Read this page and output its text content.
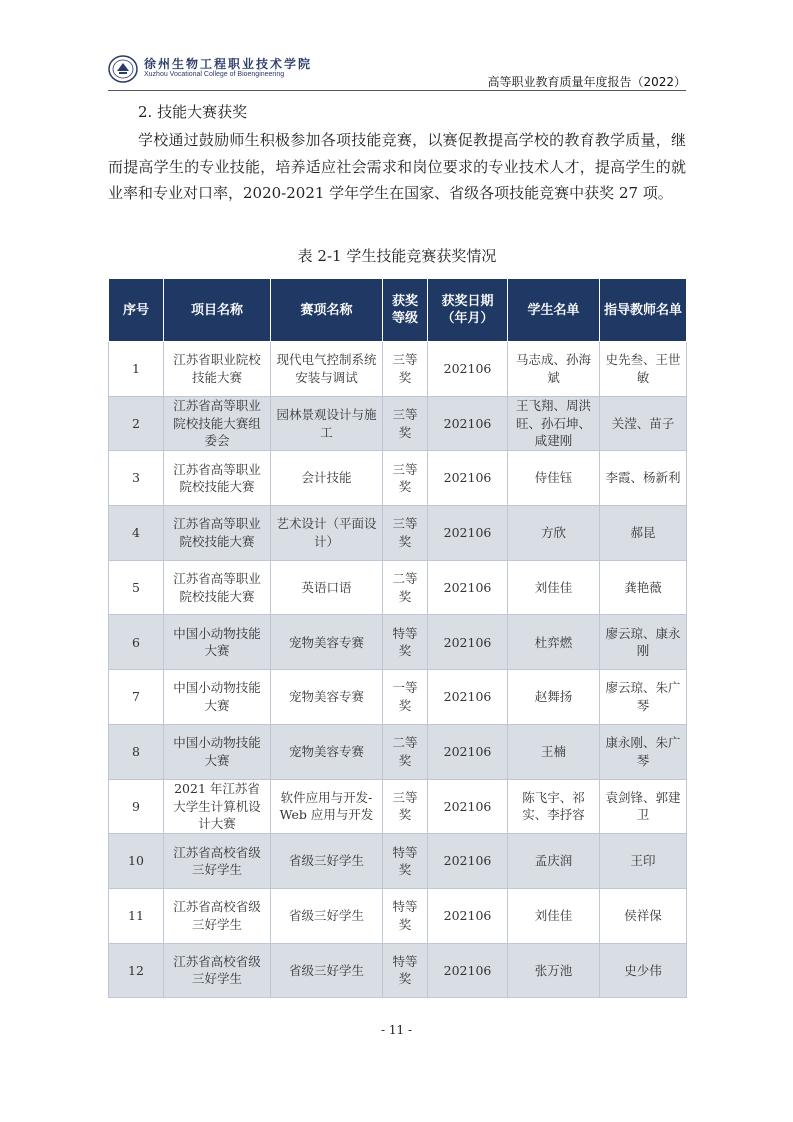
徐州生物工程职业技术学院
Xuzhou Vocational College of Bioengineering
高等职业教育质量年度报告（2022）
2. 技能大赛获奖

学校通过鼓励师生积极参加各项技能竞赛，以赛促教提高学校的教育教学质量，继而提高学生的专业技能，培养适应社会需求和岗位要求的专业技术人才，提高学生的就业率和专业对口率，2020-2021 学年学生在国家、省级各项技能竞赛中获奖 27 项。

表 2-1 学生技能竞赛获奖情况
序号	项目名称	赛项名称	获奖等级	获奖日期（年月）	学生名单	指导教师名单
1	江苏省职业院校技能大赛	现代电气控制系统安装与调试	三等奖	202106	马志成、孙海斌	史先叁、王世敏
2	江苏省高等职业院校技能大赛组委会	园林景观设计与施工	三等奖	202106	王飞翔、周洪旺、孙石坤、咸建刚	关滢、苗子
3	江苏省高等职业院校技能大赛	会计技能	三等奖	202106	侍佳钰	李霞、杨新利
4	江苏省高等职业院校技能大赛	艺术设计（平面设计）	三等奖	202106	方欣	郝昆
5	江苏省高等职业院校技能大赛	英语口语	二等奖	202106	刘佳佳	龚艳薇
6	中国小动物技能大赛	宠物美容专赛	特等奖	202106	杜弈燃	廖云琼、康永刚
7	中国小动物技能大赛	宠物美容专赛	一等奖	202106	赵舞扬	廖云琼、朱广琴
8	中国小动物技能大赛	宠物美容专赛	二等奖	202106	王楠	康永刚、朱广琴
9	2021 年江苏省大学生计算机设计大赛	软件应用与开发-Web 应用与开发	三等奖	202106	陈飞宇、祁实、李抒容	袁剑锋、郭建卫
10	江苏省高校省级三好学生	省级三好学生	特等奖	202106	孟庆润	王印
11	江苏省高校省级三好学生	省级三好学生	特等奖	202106	刘佳佳	侯祥保
12	江苏省高校省级三好学生	省级三好学生	特等奖	202106	张万池	史少伟
- 11 -
